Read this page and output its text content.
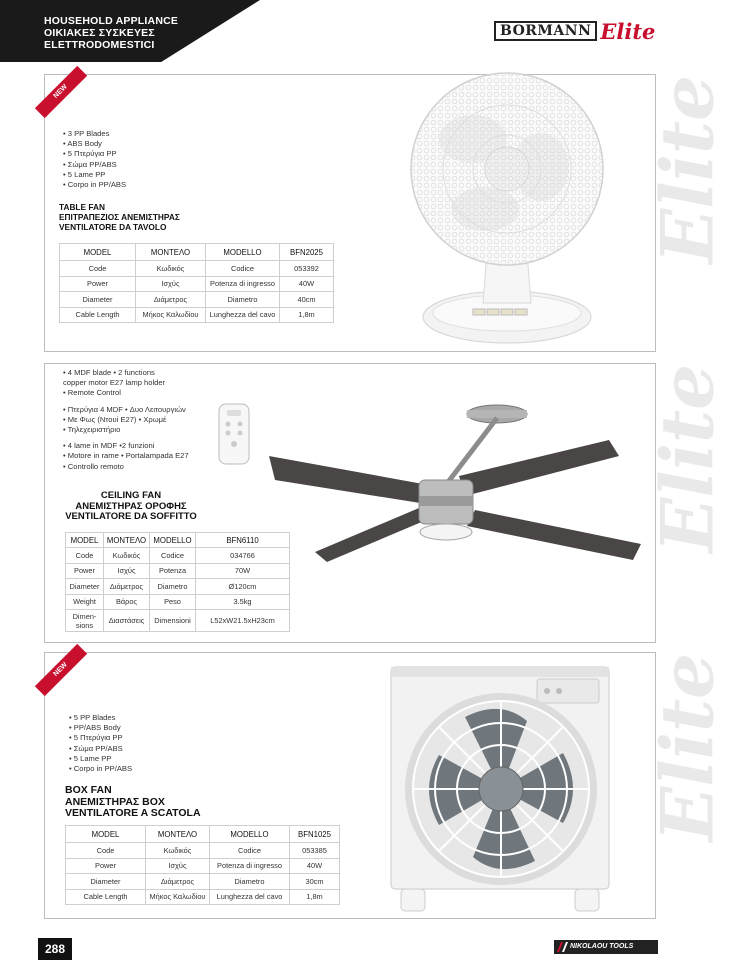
HOUSEHOLD APPLIANCE
ΟΙΚΙΑΚΕΣ ΣΥΣΚΕΥΕΣ
ELETTRODOMESTICI
BORMANN Elite
Elite
NEW
• 3 PP Blades
• ABS Body
• 5 Πτερύγια PP
• Σώμα PP/ABS
• 5 Lame PP
• Corpo in PP/ABS
TABLE FAN
ΕΠΙΤΡΑΠΕΖΙΟΣ ΑΝΕΜΙΣΤΗΡΑΣ
VENTILATORE DA TAVOLO
MODEL	ΜΟΝΤΕΛΟ	MODELLO	BFN2025
Code	Κωδικός	Codice	053392
Power	Ισχύς	Potenza di ingresso	40W
Diameter	Διάμετρος	Diametro	40cm
Cable Length	Μήκος Καλωδίου	Lunghezza del cavo	1,8m
Elite
• 4 MDF blade • 2 functions
copper motor E27 lamp holder
• Remote Control
• Πτερύγια 4 MDF • Δυο Λειτουργιών
• Με Φως (Ντουί Ε27) • Χρωμέ
• Τηλεχειριστήριο
• 4 lame in MDF •2 funzioni
• Motore in rame • Portalampada E27
• Controllo remoto
CEILING FAN
ΑΝΕΜΙΣΤΗΡΑΣ ΟΡΟΦΗΣ
VENTILATORE DA SOFFITTO
MODEL	ΜΟΝΤΕΛΟ	MODELLO	BFN6110
Code	Κωδικός	Codice	034766
Power	Ισχύς	Potenza	70W
Diameter	Διάμετρος	Diametro	Ø120cm
Weight	Βάρος	Peso	3.5kg
Dimen-
sions	Διαστάσεις	Dimensioni	L52xW21.5xH23cm
Elite
NEW
• 5 PP Blades
• PP/ABS Body
• 5 Πτερύγια PP
• Σώμα PP/ABS
• 5 Lame PP
• Corpo in PP/ABS
BOX FAN
ΑΝΕΜΙΣΤΗΡΑΣ BOX
VENTILATORE A SCATOLA
MODEL	ΜΟΝΤΕΛΟ	MODELLO	BFN1025
Code	Κωδικός	Codice	053385
Power	Ισχύς	Potenza di ingresso	40W
Diameter	Διάμετρος	Diametro	30cm
Cable Length	Μήκος Καλωδίου	Lunghezza del cavo	1,8m
288	NIKOLAOU TOOLS
